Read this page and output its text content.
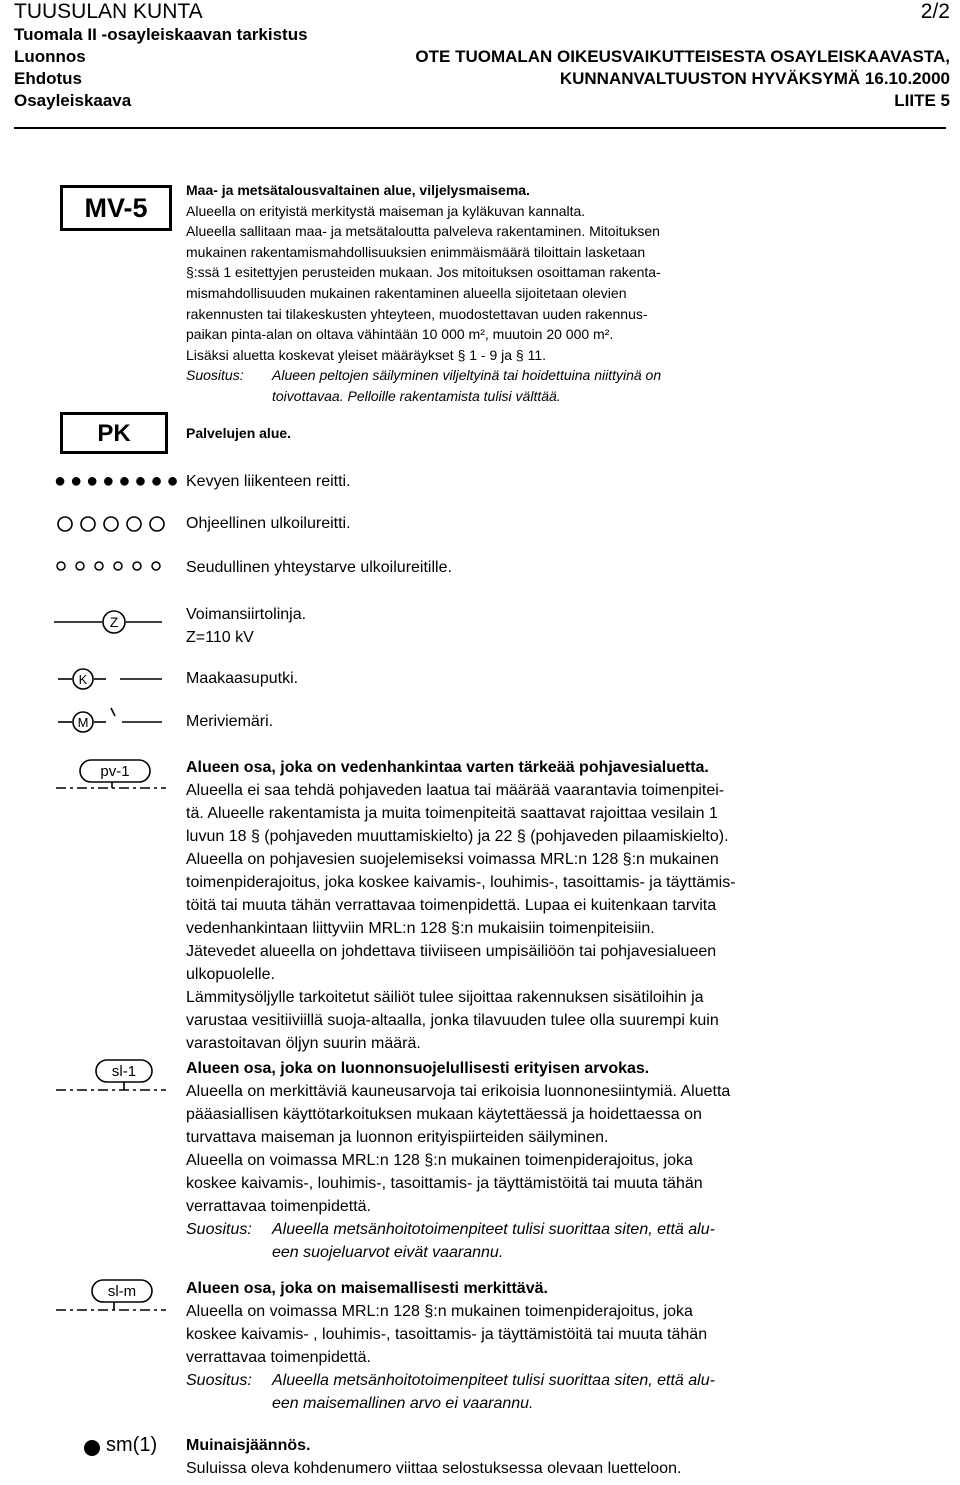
TUUSULAN KUNTA	2/2
Tuomala II -osayleiskaavan tarkistus
Luonnos	OTE TUOMALAN OIKEUSVAIKUTTEISESTA OSAYLEISKAAVASTA,
Ehdotus	KUNNANVALTUUSTON HYVÄKSYMÄ 16.10.2000
Osayleiskaava	LIITE 5
MV-5
Maa- ja metsätalousvaltainen alue, viljelysmaisema.
Alueella on erityistä merkitystä maiseman ja kyläkuvan kannalta.
Alueella sallitaan maa- ja metsätaloutta palveleva rakentaminen. Mitoituksen
mukainen rakentamismahdollisuuksien enimmäismäärä tiloittain lasketaan
§:ssä 1 esitettyjen perusteiden mukaan. Jos mitoituksen osoittaman rakenta-
mismahdollisuuden mukainen rakentaminen alueella sijoitetaan olevien
rakennusten tai tilakeskusten yhteyteen, muodostettavan uuden rakennus-
paikan pinta-alan on oltava vähintään 10 000 m², muutoin 20 000 m².
Lisäksi aluetta koskevat yleiset määräykset § 1 - 9 ja § 11.
Suositus: Alueen peltojen säilyminen viljeltyinä tai hoidettuina niittyinä on
toivottavaa. Pelloille rakentamista tulisi välttää.
PK	Palvelujen alue.
●●●●●●●● Kevyen liikenteen reitti.
Ohjeellinen ulkoilureitti.
Seudullinen yhteystarve ulkoilureitille.
Z	Voimansiirtolinja.
Z=110 kV
K	Maakaasuputki.
M	Meriviemäri.
pv-1	Alueen osa, joka on vedenhankintaa varten tärkeää pohjavesialuetta.
Alueella ei saa tehdä pohjaveden laatua tai määrää vaarantavia toimenpitei-
tä. Alueelle rakentamista ja muita toimenpiteitä saattavat rajoittaa vesilain 1
luvun 18 § (pohjaveden muuttamiskielto) ja 22 § (pohjaveden pilaamiskielto).
Alueella on pohjavesien suojelemiseksi voimassa MRL:n 128 §:n mukainen
toimenpiderajoitus, joka koskee kaivamis-, louhimis-, tasoittamis- ja täyttämis-
töitä tai muuta tähän verrattavaa toimenpidettä. Lupaa ei kuitenkaan tarvita
vedenhankintaan liittyviin MRL:n 128 §:n mukaisiin toimenpiteisiin.
Jätevedet alueella on johdettava tiiviiseen umpisäiliöön tai pohjavesialueen
ulkopuolelle.
Lämmitysöljylle tarkoitetut säiliöt tulee sijoittaa rakennuksen sisätiloihin ja
varustaa vesitiiviillä suoja-altaalla, jonka tilavuuden tulee olla suurempi kuin
varastoitavan öljyn suurin määrä.
sl-1	Alueen osa, joka on luonnonsuojelullisesti erityisen arvokas.
Alueella on merkittäviä kauneusarvoja tai erikoisia luonnonesiintymiä. Aluetta
pääasiallisen käyttötarkoituksen mukaan käytettäessä ja hoidettaessa on
turvattava maiseman ja luonnon erityispiirteiden säilyminen.
Alueella on voimassa MRL:n 128 §:n mukainen toimenpiderajoitus, joka
koskee kaivamis-, louhimis-, tasoittamis- ja täyttämistöitä tai muuta tähän
verrattavaa toimenpidettä.
Suositus: Alueella metsänhoitotoimenpiteet tulisi suorittaa siten, että alu-
een suojeluarvot eivät vaarannu.
sl-m	Alueen osa, joka on maisemallisesti merkittävä.
Alueella on voimassa MRL:n 128 §:n mukainen toimenpiderajoitus, joka
koskee kaivamis- , louhimis-, tasoittamis- ja täyttämistöitä tai muuta tähän
verrattavaa toimenpidettä.
Suositus: Alueella metsänhoitotoimenpiteet tulisi suorittaa siten, että alu-
een maisemallinen arvo ei vaarannu.
sm(1) Muinaisjäännös.
Suluissa oleva kohdenumero viittaa selostuksessa olevaan luetteloon.
